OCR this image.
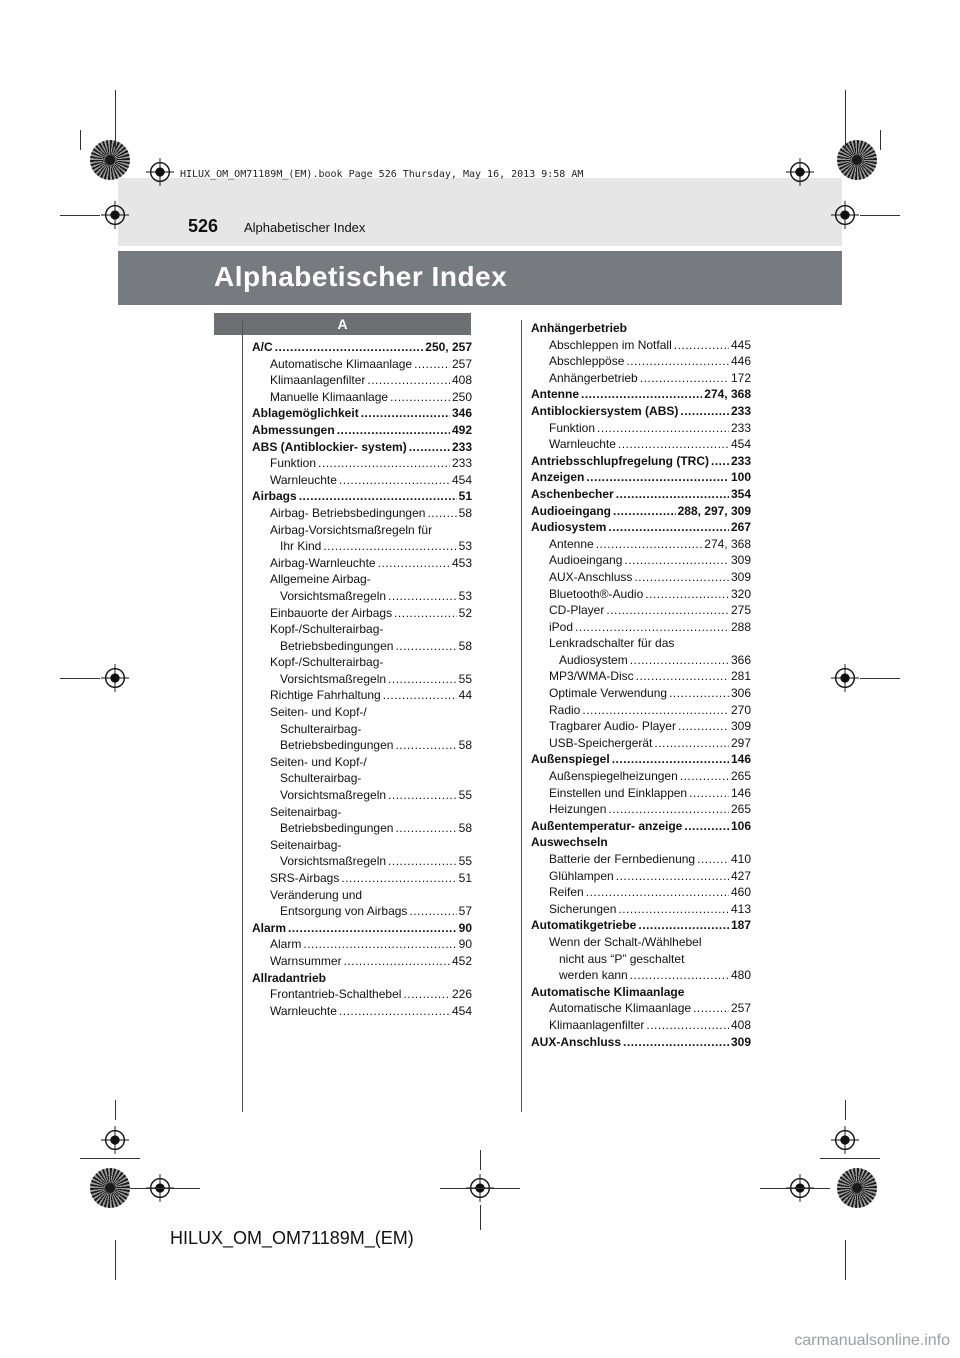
HILUX_OM_OM71189M_(EM).book Page 526 Thursday, May 16, 2013 9:58 AM
526 Alphabetischer Index
Alphabetischer Index
A
A/C .....	250, 257
Automatische Klimaanlage .....	257
Klimaanlagenfilter .....	408
Manuelle Klimaanlage .....	250
Ablagemöglichkeit .....	346
Abmessungen .....	492
ABS (Antiblockier- system) .....	233
Funktion .....	233
Warnleuchte .....	454
Airbags .....	51
Airbag- Betriebsbedingungen .....	58
Airbag-Vorsichtsmaßregeln für
Ihr Kind .....	53
Airbag-Warnleuchte .....	453
Allgemeine Airbag-
Vorsichtsmaßregeln .....	53
Einbauorte der Airbags .....	52
Kopf-/Schulterairbag-
Betriebsbedingungen .....	58
Kopf-/Schulterairbag-
Vorsichtsmaßregeln .....	55
Richtige Fahrhaltung .....	44
Seiten- und Kopf-/
Schulterairbag-
Betriebsbedingungen .....	58
Seiten- und Kopf-/
Schulterairbag-
Vorsichtsmaßregeln .....	55
Seitenairbag-
Betriebsbedingungen .....	58
Seitenairbag-
Vorsichtsmaßregeln .....	55
SRS-Airbags .....	51
Veränderung und
Entsorgung von Airbags .....	57
Alarm .....	90
Alarm .....	90
Warnsummer .....	452
Allradantrieb
Frontantrieb-Schalthebel .....	226
Warnleuchte .....	454
Anhängerbetrieb
Abschleppen im Notfall .....	445
Abschleppöse .....	446
Anhängerbetrieb .....	172
Antenne .....	274, 368
Antiblockiersystem (ABS) .....	233
Funktion .....	233
Warnleuchte .....	454
Antriebsschlupfregelung (TRC) ..... 233
Anzeigen .....	100
Aschenbecher .....	354
Audioeingang .....	288, 297, 309
Audiosystem .....	267
Antenne .....	274, 368
Audioeingang .....	309
AUX-Anschluss .....	309
Bluetooth®-Audio .....	320
CD-Player .....	275
iPod .....	288
Lenkradschalter für das
Audiosystem .....	366
MP3/WMA-Disc .....	281
Optimale Verwendung .....	306
Radio .....	270
Tragbarer Audio- Player .....	309
USB-Speichergerät .....	297
Außenspiegel .....	146
Außenspiegelheizungen .....	265
Einstellen und Einklappen .....	146
Heizungen .....	265
Außentemperatur- anzeige .....	106
Auswechseln
Batterie der Fernbedienung .....	410
Glühlampen .....	427
Reifen .....	460
Sicherungen .....	413
Automatikgetriebe .....	187
Wenn der Schalt-/Wählhebel
nicht aus “P” geschaltet
werden kann .....	480
Automatische Klimaanlage
Automatische Klimaanlage .....	257
Klimaanlagenfilter .....	408
AUX-Anschluss .....	309
HILUX_OM_OM71189M_(EM)
carmanualsonline.info
